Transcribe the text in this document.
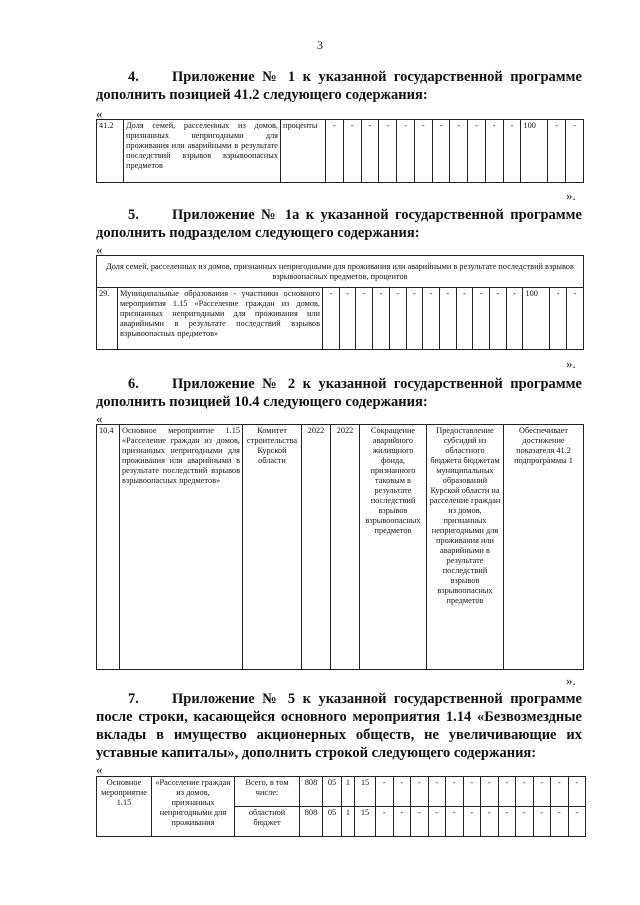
3
4. Приложение № 1 к указанной государственной программе дополнить позицией 41.2 следующего содержания:
«
41.2	Доля семей, расселенных из домов, признанных непригодными для проживания или аварийными в результате последствий взрывов взрывоопасных предметов	проценты	-	-	-	-	-	-	-	-	-	-	-	100	-	-
».
5. Приложение № 1а к указанной государственной программе дополнить подразделом следующего содержания:
«
Доля семей, расселенных из домов, признанных непригодными для проживания или аварийными в результате последствий взрывов взрывоопасных предметов, процентов
29.	Муниципальные образования - участники основного мероприятия 1.15 «Расселение граждан из домов, признанных непригодными для проживания или аварийными в результате последствий взрывов взрывоопасных предметов»	-	-	-	-	-	-	-	-	-	-	-	-	100	-	-
».
6. Приложение № 2 к указанной государственной программе дополнить позицией 10.4 следующего содержания:
«
10.4	Основное мероприятие 1.15 «Расселение граждан из домов, признанных непригодными для проживания или аварийными в результате последствий взрывов взрывоопасных предметов»	Комитет строительства Курской области	2022	2022	Сокращение аварийного жилищного фонда, признанного таковым в результате последствий взрывов взрывоопасных предметов	Предоставление субсидий из областного бюджета бюджетам муниципальных образований Курской области на расселение граждан из домов, признанных непригодными для проживания или аварийными в результате последствий взрывов взрывоопасных предметов	Обеспечивает достижение показателя 41.2 подпрограммы 1
».
7. Приложение № 5 к указанной государственной программе после строки, касающейся основного мероприятия 1.14 «Безвозмездные вклады в имущество акционерных обществ, не увеличивающие их уставные капиталы», дополнить строкой следующего содержания:
«
Основное мероприятие 1.15	«Расселение граждан из домов, признанных непригодными для проживания	Всего, в том числе:	808	05	1	15	-	-	-	-	-	-	-	-	-	-	-	-
		областной бюджет	808	05	1	15	-	-	-	-	-	-	-	-	-	-	-	-
